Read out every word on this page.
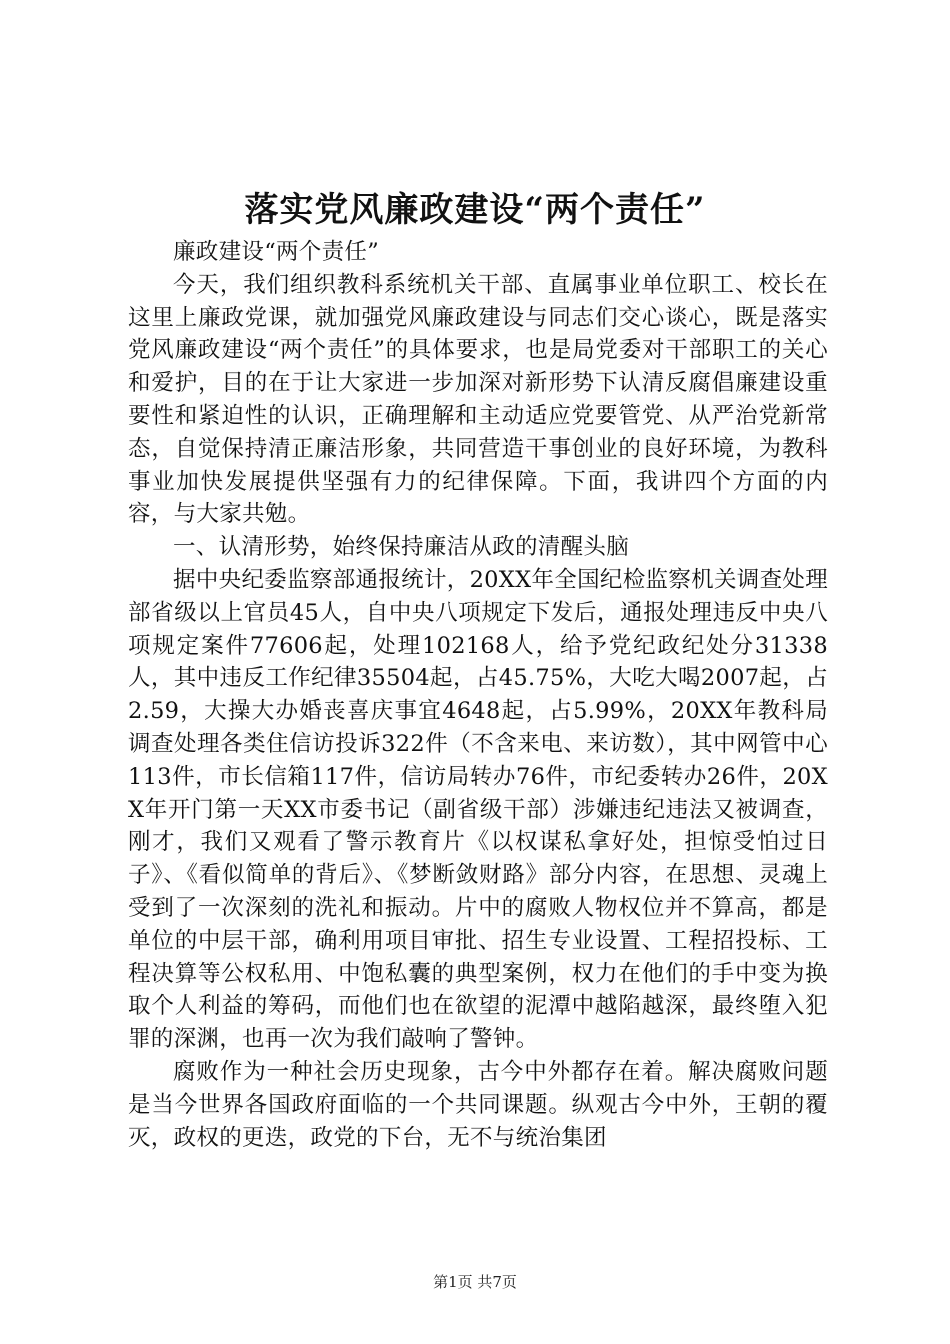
落实党风廉政建设“两个责任”

廉政建设“两个责任”

今天，我们组织教科系统机关干部、直属事业单位职工、校长在这里上廉政党课，就加强党风廉政建设与同志们交心谈心，既是落实党风廉政建设“两个责任”的具体要求，也是局党委对干部职工的关心和爱护，目的在于让大家进一步加深对新形势下认清反腐倡廉建设重要性和紧迫性的认识，正确理解和主动适应党要管党、从严治党新常态，自觉保持清正廉洁形象，共同营造干事创业的良好环境，为教科事业加快发展提供坚强有力的纪律保障。下面，我讲四个方面的内容，与大家共勉。

一、认清形势，始终保持廉洁从政的清醒头脑

据中央纪委监察部通报统计，20XX年全国纪检监察机关调查处理部省级以上官员45人，自中央八项规定下发后，通报处理违反中央八项规定案件77606起，处理102168人，给予党纪政纪处分31338人，其中违反工作纪律35504起，占45.75%，大吃大喝2007起，占2.59，大操大办婚丧喜庆事宜4648起，占5.99%，20XX年教科局调查处理各类住信访投诉322件（不含来电、来访数），其中网管中心113件，市长信箱117件，信访局转办76件，市纪委转办26件，20XX年开门第一天XX市委书记（副省级干部）涉嫌违纪违法又被调查，刚才，我们又观看了警示教育片《以权谋私拿好处，担惊受怕过日子》、《看似简单的背后》、《梦断敛财路》部分内容，在思想、灵魂上受到了一次深刻的洗礼和振动。片中的腐败人物权位并不算高，都是单位的中层干部，确利用项目审批、招生专业设置、工程招投标、工程决算等公权私用、中饱私囊的典型案例，权力在他们的手中变为换取个人利益的筹码，而他们也在欲望的泥潭中越陷越深，最终堕入犯罪的深渊，也再一次为我们敲响了警钟。

腐败作为一种社会历史现象，古今中外都存在着。解决腐败问题是当今世界各国政府面临的一个共同课题。纵观古今中外，王朝的覆灭，政权的更迭，政党的下台，无不与统治集团

第1页 共7页
